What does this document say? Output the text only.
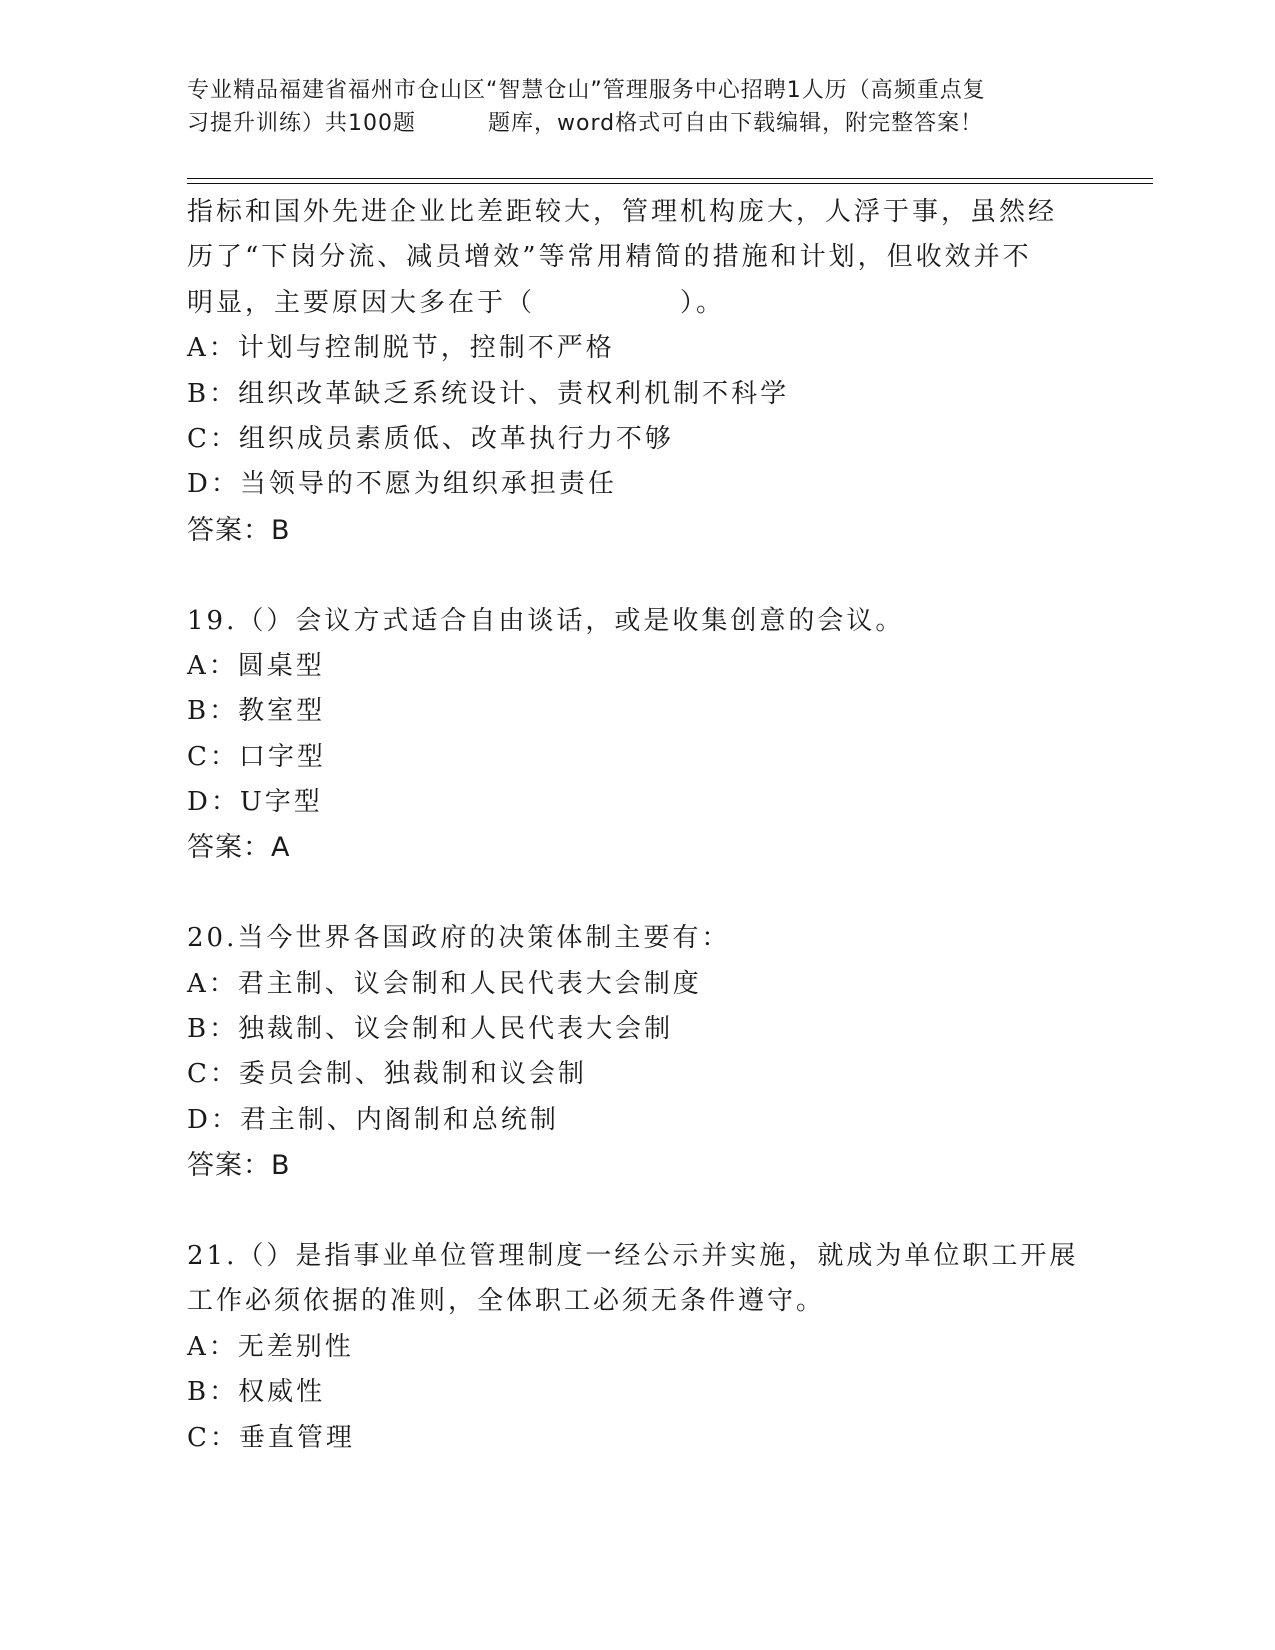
专业精品福建省福州市仓山区“智慧仓山”管理服务中心招聘1人历（高频重点复
习提升训练）共100题	题库，word格式可自由下载编辑，附完整答案！
指标和国外先进企业比差距较大，管理机构庞大，人浮于事，虽然经
历了“下岗分流、减员增效”等常用精简的措施和计划，但收效并不
明显，主要原因大多在于（　　　　　）。
A：计划与控制脱节，控制不严格
B：组织改革缺乏系统设计、责权利机制不科学
C：组织成员素质低、改革执行力不够
D：当领导的不愿为组织承担责任
答案：B
19.（）会议方式适合自由谈话，或是收集创意的会议。
A：圆桌型
B：教室型
C：口字型
D：U字型
答案：A
20.当今世界各国政府的决策体制主要有：
A：君主制、议会制和人民代表大会制度
B：独裁制、议会制和人民代表大会制
C：委员会制、独裁制和议会制
D：君主制、内阁制和总统制
答案：B
21.（）是指事业单位管理制度一经公示并实施，就成为单位职工开展
工作必须依据的准则，全体职工必须无条件遵守。
A：无差别性
B：权威性
C：垂直管理
